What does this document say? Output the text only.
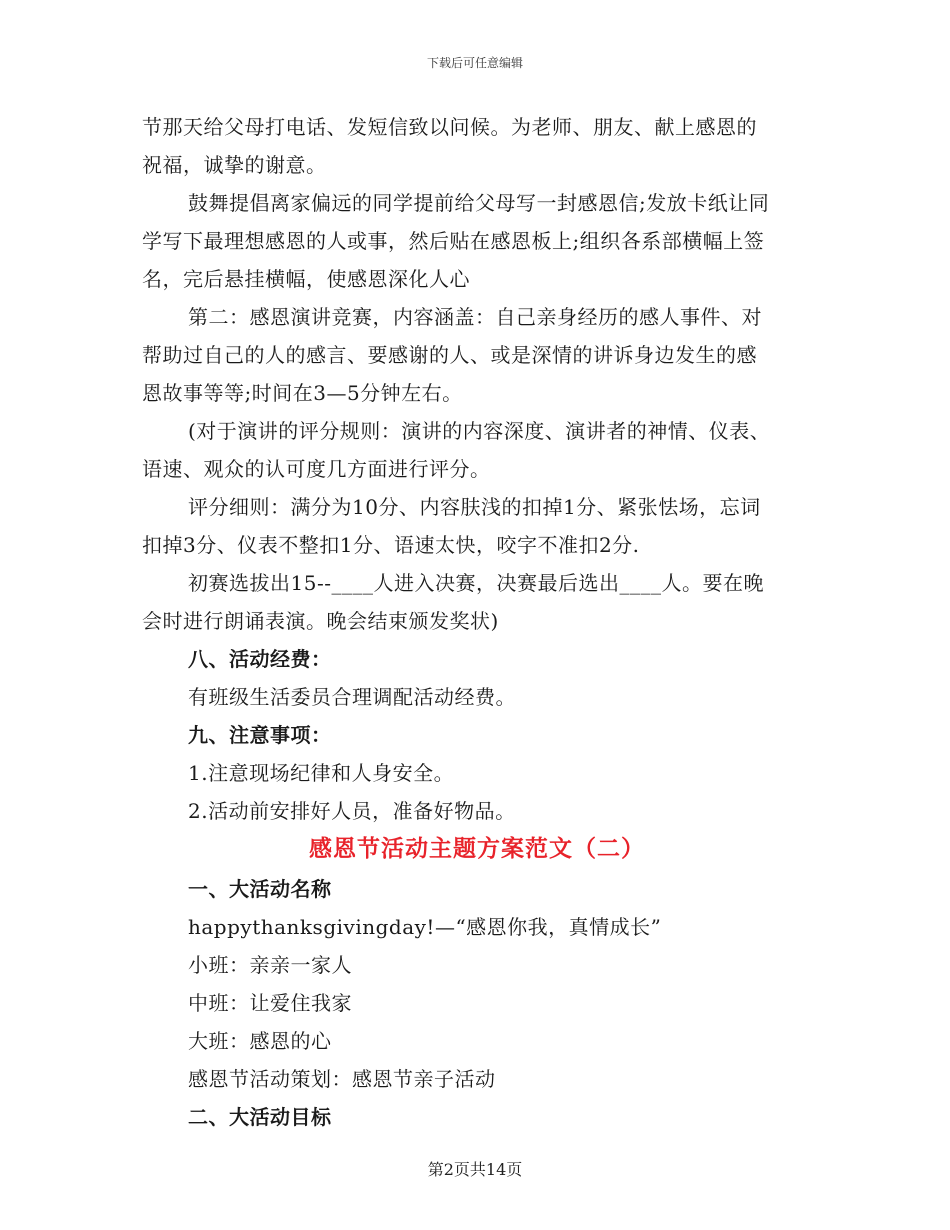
下载后可任意编辑
节那天给父母打电话、发短信致以问候。为老师、朋友、献上感恩的
祝福，诚挚的谢意。
鼓舞提倡离家偏远的同学提前给父母写一封感恩信;发放卡纸让同
学写下最理想感恩的人或事，然后贴在感恩板上;组织各系部横幅上签
名，完后悬挂横幅，使感恩深化人心
第二：感恩演讲竞赛，内容涵盖：自己亲身经历的感人事件、对
帮助过自己的人的感言、要感谢的人、或是深情的讲诉身边发生的感
恩故事等等;时间在3—5分钟左右。
(对于演讲的评分规则：演讲的内容深度、演讲者的神情、仪表、
语速、观众的认可度几方面进行评分。
评分细则：满分为10分、内容肤浅的扣掉1分、紧张怯场，忘词
扣掉3分、仪表不整扣1分、语速太快，咬字不准扣2分.
初赛选拔出15--____人进入决赛，决赛最后选出____人。要在晚
会时进行朗诵表演。晚会结束颁发奖状)
八、活动经费：
有班级生活委员合理调配活动经费。
九、注意事项：
1.注意现场纪律和人身安全。
2.活动前安排好人员，准备好物品。
感恩节活动主题方案范文（二）
一、大活动名称
happythanksgivingday!—“感恩你我，真情成长”
小班：亲亲一家人
中班：让爱住我家
大班：感恩的心
感恩节活动策划：感恩节亲子活动
二、大活动目标
第2页共14页
